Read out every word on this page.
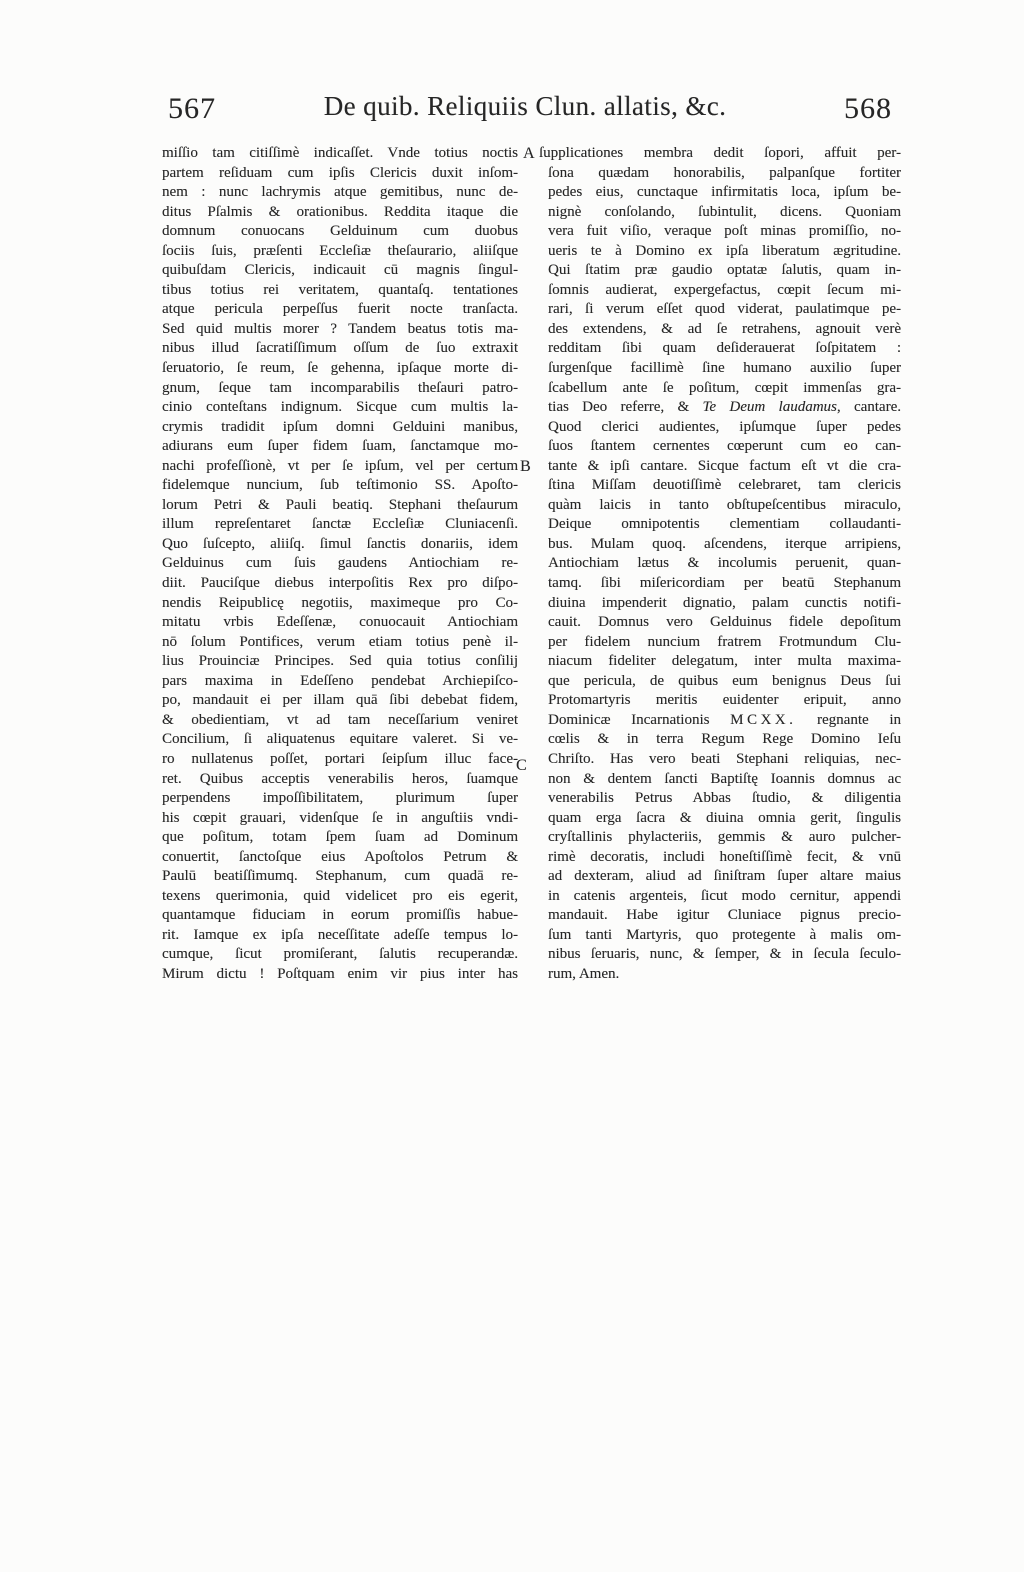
567	De quib. Reliquiis Clun. allatis, &c.	568
miſſio tam citiſſimè indicaſſet. Vnde totius noctis
partem reſiduam cum ipſis Clericis duxit inſom-
nem : nunc lachrymis atque gemitibus, nunc de-
ditus Pſalmis & orationibus. Reddita itaque die
domnum conuocans Gelduinum cum duobus
ſociis ſuis, præſenti Eccleſiæ theſaurario, aliiſque
quibuſdam Clericis, indicauit cū magnis ſingul-
tibus totius rei veritatem, quantaſq. tentationes
atque pericula perpeſſus fuerit nocte tranſacta.
Sed quid multis morer ? Tandem beatus totis ma-
nibus illud ſacratiſſimum oſſum de ſuo extraxit
ſeruatorio, ſe reum, ſe gehenna, ipſaque morte di-
gnum, ſeque tam incomparabilis theſauri patro-
cinio conteſtans indignum. Sicque cum multis la-
crymis tradidit ipſum domni Gelduini manibus,
adiurans eum ſuper fidem ſuam, ſanctamque mo-
nachi profeſſionè, vt per ſe ipſum, vel per certum
fidelemque nuncium, ſub teſtimonio SS. Apoſto-
lorum Petri & Pauli beatiq. Stephani theſaurum
illum repreſentaret ſanctæ Eccleſiæ Cluniacenſi.
Quo ſuſcepto, aliiſq. ſimul ſanctis donariis, idem
Gelduinus cum ſuis gaudens Antiochiam re-
diit. Pauciſque diebus interpoſitis Rex pro diſpo-
nendis Reipublicę negotiis, maximeque pro Co-
mitatu vrbis Edeſſenæ, conuocauit Antiochiam
nō ſolum Pontifices, verum etiam totius penè il-
lius Prouinciæ Principes. Sed quia totius conſilij
pars maxima in Edeſſeno pendebat Archiepiſco-
po, mandauit ei per illam quā ſibi debebat fidem,
& obedientiam, vt ad tam neceſſarium veniret
Concilium, ſi aliquatenus equitare valeret. Si ve-
ro nullatenus poſſet, portari ſeipſum illuc face-
ret. Quibus acceptis venerabilis heros, ſuamque
perpendens impoſſibilitatem, plurimum ſuper
his cœpit grauari, videnſque ſe in anguſtiis vndi-
que poſitum, totam ſpem ſuam ad Dominum
conuertit, ſanctoſque eius Apoſtolos Petrum &
Paulū beatiſſimumq. Stephanum, cum quadā re-
texens querimonia, quid videlicet pro eis egerit,
quantamque fiduciam in eorum promiſſis habue-
rit. Iamque ex ipſa neceſſitate adeſſe tempus lo-
cumque, ſicut promiſerant, ſalutis recuperandæ.
Mirum dictu ! Poſtquam enim vir pius inter has
ſupplicationes membra dedit ſopori, affuit per-
ſona quædam honorabilis, palpanſque fortiter
pedes eius, cunctaque infirmitatis loca, ipſum be-
nignè conſolando, ſubintulit, dicens. Quoniam
vera fuit viſio, veraque poſt minas promiſſio, no-
ueris te à Domino ex ipſa liberatum ægritudine.
Qui ſtatim præ gaudio optatæ ſalutis, quam in-
ſomnis audierat, expergefactus, cœpit ſecum mi-
rari, ſi verum eſſet quod viderat, paulatimque pe-
des extendens, & ad ſe retrahens, agnouit verè
redditam ſibi quam deſiderauerat ſoſpitatem :
ſurgenſque facillimè ſine humano auxilio ſuper
ſcabellum ante ſe poſitum, cœpit immenſas gra-
tias Deo referre, & Te Deum laudamus, cantare.
Quod clerici audientes, ipſumque ſuper pedes
ſuos ſtantem cernentes cœperunt cum eo can-
tante & ipſi cantare. Sicque factum eſt vt die cra-
ſtina Miſſam deuotiſſimè celebraret, tam clericis
quàm laicis in tanto obſtupeſcentibus miraculo,
Deique omnipotentis clementiam collaudanti-
bus. Mulam quoq. aſcendens, iterque arripiens,
Antiochiam lætus & incolumis peruenit, quan-
tamq. ſibi miſericordiam per beatū Stephanum
diuina impenderit dignatio, palam cunctis notifi-
cauit. Domnus vero Gelduinus fidele depoſitum
per fidelem nuncium fratrem Frotmundum Clu-
niacum fideliter delegatum, inter multa maxima-
que pericula, de quibus eum benignus Deus ſui
Protomartyris meritis euidenter eripuit, anno
Dominicæ Incarnationis MCXX. regnante in
cœlis & in terra Regum Rege Domino Ieſu
Chriſto. Has vero beati Stephani reliquias, nec-
non & dentem ſancti Baptiſtę Ioannis domnus ac
venerabilis Petrus Abbas ſtudio, & diligentia
quam erga ſacra & diuina omnia gerit, ſingulis
cryſtallinis phylacteriis, gemmis & auro pulcher-
rimè decoratis, includi honeſtiſſimè fecit, & vnū
ad dexteram, aliud ad ſiniſtram ſuper altare maius
in catenis argenteis, ſicut modo cernitur, appendi
mandauit. Habe igitur Cluniace pignus precio-
ſum tanti Martyris, quo protegente à malis om-
nibus ſeruaris, nunc, & ſemper, & in ſecula ſeculo-
rum, Amen.
A
B
C
